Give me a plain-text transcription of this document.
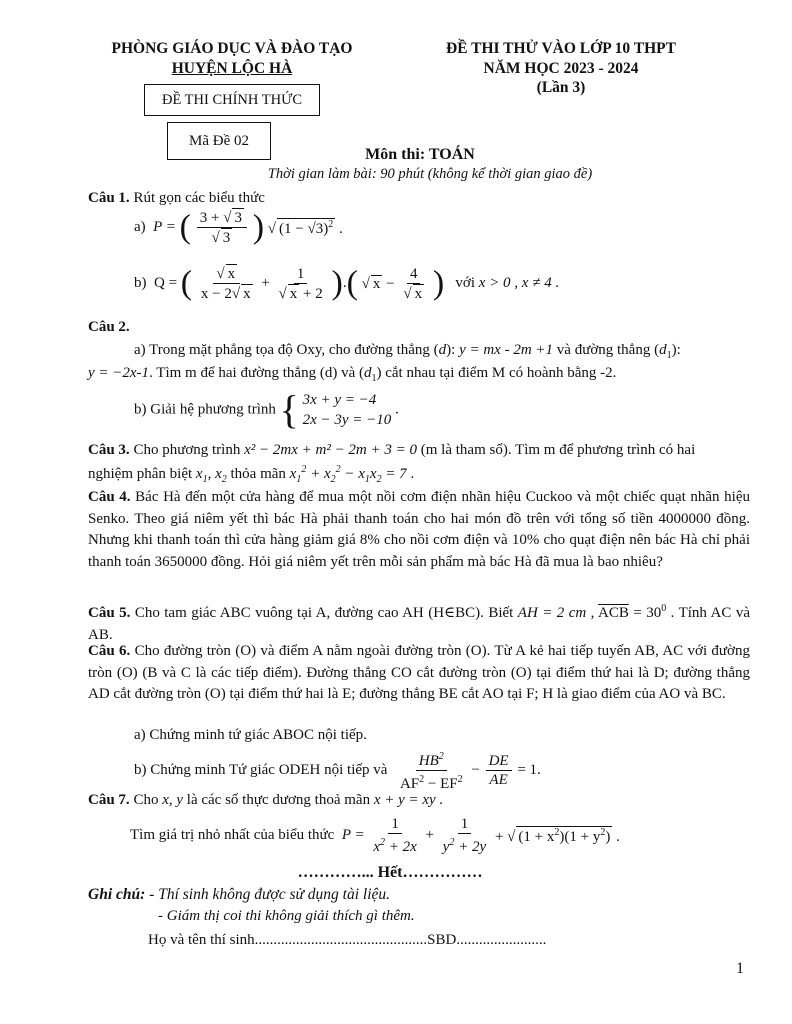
PHÒNG GIÁO DỤC VÀ ĐÀO TẠO
HUYỆN LỘC HÀ
ĐỀ THI CHÍNH THỨC
Mã Đề 02
ĐỀ THI THỬ VÀO LỚP 10 THPT
NĂM HỌC 2023 - 2024
(Lần 3)
Môn thi: TOÁN
Thời gian làm bài: 90 phút (không kể thời gian giao đề)
Câu 1. Rút gọn các biểu thức
a)  P = ( $\frac{3 + √ 3}{√ 3}$ ) √ $(1 - √3)^2$ .
b)  Q = ( $\frac{√ x}{x - 2√ x} + \frac{1}{√ x + 2}$ ).( √ $x - \frac{4}{√ x}$ ) với x > 0 , x ≠ 4 .
Câu 2.
a) Trong mặt phẳng tọa độ Oxy, cho đường thẳng (d): y = mx - 2m +1 và đường thẳng $(d_1)$:
y = −2x-1. Tìm m để hai đường thẳng (d) và $(d_1)$ cắt nhau tại điểm M có hoành bằng -2.
b) Giải hệ phương trình { 3x + y = −4
2x − 3y = −10
.
Câu 3. Cho phương trình x² − 2mx + m² − 2m + 3 = 0 (m là tham số). Tìm m để phương trình có hai
nghiệm phân biệt $x_1$, $x_2$ thỏa mãn $x_1^2 + x_2^2 - x_1x_2 = 7$ .
Câu 4. Bác Hà đến một cửa hàng để mua một nồi cơm điện nhãn hiệu Cuckoo và một chiếc quạt nhãn hiệu Senko. Theo giá niêm yết thì bác Hà phải thanh toán cho hai món đồ trên với tổng số tiền 4000000 đồng. Nhưng khi thanh toán thì cửa hàng giảm giá 8% cho nồi cơm điện và 10% cho quạt điện nên bác Hà chỉ phải thanh toán 3650000 đồng. Hỏi giá niêm yết trên mỗi sản phẩm mà bác Hà đã mua là bao nhiêu?
Câu 5. Cho tam giác ABC vuông tại A, đường cao AH (H∈BC). Biết AH = 2 cm , $\overline{ACB} = 30^0$ . Tính AC và AB.
Câu 6. Cho đường tròn (O) và điểm A nằm ngoài đường tròn (O). Từ A kẻ hai tiếp tuyến AB, AC với đường tròn (O) (B và C là các tiếp điểm). Đường thẳng CO cắt đường tròn (O) tại điểm thứ hai là D; đường thẳng AD cắt đường tròn (O) tại điểm thứ hai là E; đường thẳng BE cắt AO tại F; H là giao điểm của AO và BC.
a) Chứng minh tứ giác ABOC nội tiếp.
b) Chứng minh Tứ giác ODEH nội tiếp và $\frac{HB^2}{AF^2 - EF^2} - \frac{DE}{AE} = 1$.
Câu 7. Cho x, y là các số thực dương thoả mãn x + y = xy .
Tìm giá trị nhỏ nhất của biểu thức  $P = \frac{1}{x^2 + 2x} + \frac{1}{y^2 + 2y}$ + √ $(1 + x^2)(1 + y^2)$ .
…………... Hết……………
Ghi chú: - Thí sinh không được sử dụng tài liệu.
- Giám thị coi thi không giải thích gì thêm.
Họ và tên thí sinh..............................................SBD........................
1
